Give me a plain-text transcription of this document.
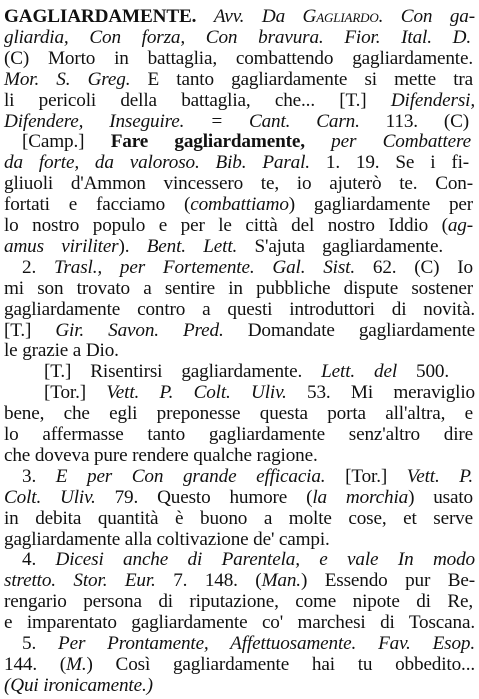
GAGLIARDAMENTE. Avv. Da Gagliardo. Con ga-
gliardia, Con forza, Con bravura. Fior. Ital. D.
(C) Morto in battaglia, combattendo gagliardamente.
Mor. S. Greg. E tanto gagliardamente si mette tra
li pericoli della battaglia, che... [T.] Difendersi,
Difendere, Inseguire. = Cant. Carn. 113. (C)
[Camp.] Fare gagliardamente, per Combattere
da forte, da valoroso. Bib. Paral. 1. 19. Se i fi-
gliuoli d'Ammon vincessero te, io ajuterò te. Con-
fortati e facciamo (combattiamo) gagliardamente per
lo nostro populo e per le città del nostro Iddio (ag-
amus viriliter). Bent. Lett. S'ajuta gagliardamente.
2. Trasl., per Fortemente. Gal. Sist. 62. (C) Io
mi son trovato a sentire in pubbliche dispute sostener
gagliardamente contro a questi introduttori di novità.
[T.] Gir. Savon. Pred. Domandate gagliardamente
le grazie a Dio.
[T.] Risentirsi gagliardamente. Lett. del 500.
[Tor.] Vett. P. Colt. Uliv. 53. Mi meraviglio
bene, che egli preponesse questa porta all'altra, e
lo affermasse tanto gagliardamente senz'altro dire
che doveva pure rendere qualche ragione.
3. E per Con grande efficacia. [Tor.] Vett. P.
Colt. Uliv. 79. Questo humore (la morchia) usato
in debita quantità è buono a molte cose, et serve
gagliardamente alla coltivazione de' campi.
4. Dicesi anche di Parentela, e vale In modo
stretto. Stor. Eur. 7. 148. (Man.) Essendo pur Be-
rengario persona di riputazione, come nipote di Re,
e imparentato gagliardamente co' marchesi di Toscana.
5. Per Prontamente, Affettuosamente. Fav. Esop.
144. (M.) Così gagliardamente hai tu obbedito...
(Qui ironicamente.)
